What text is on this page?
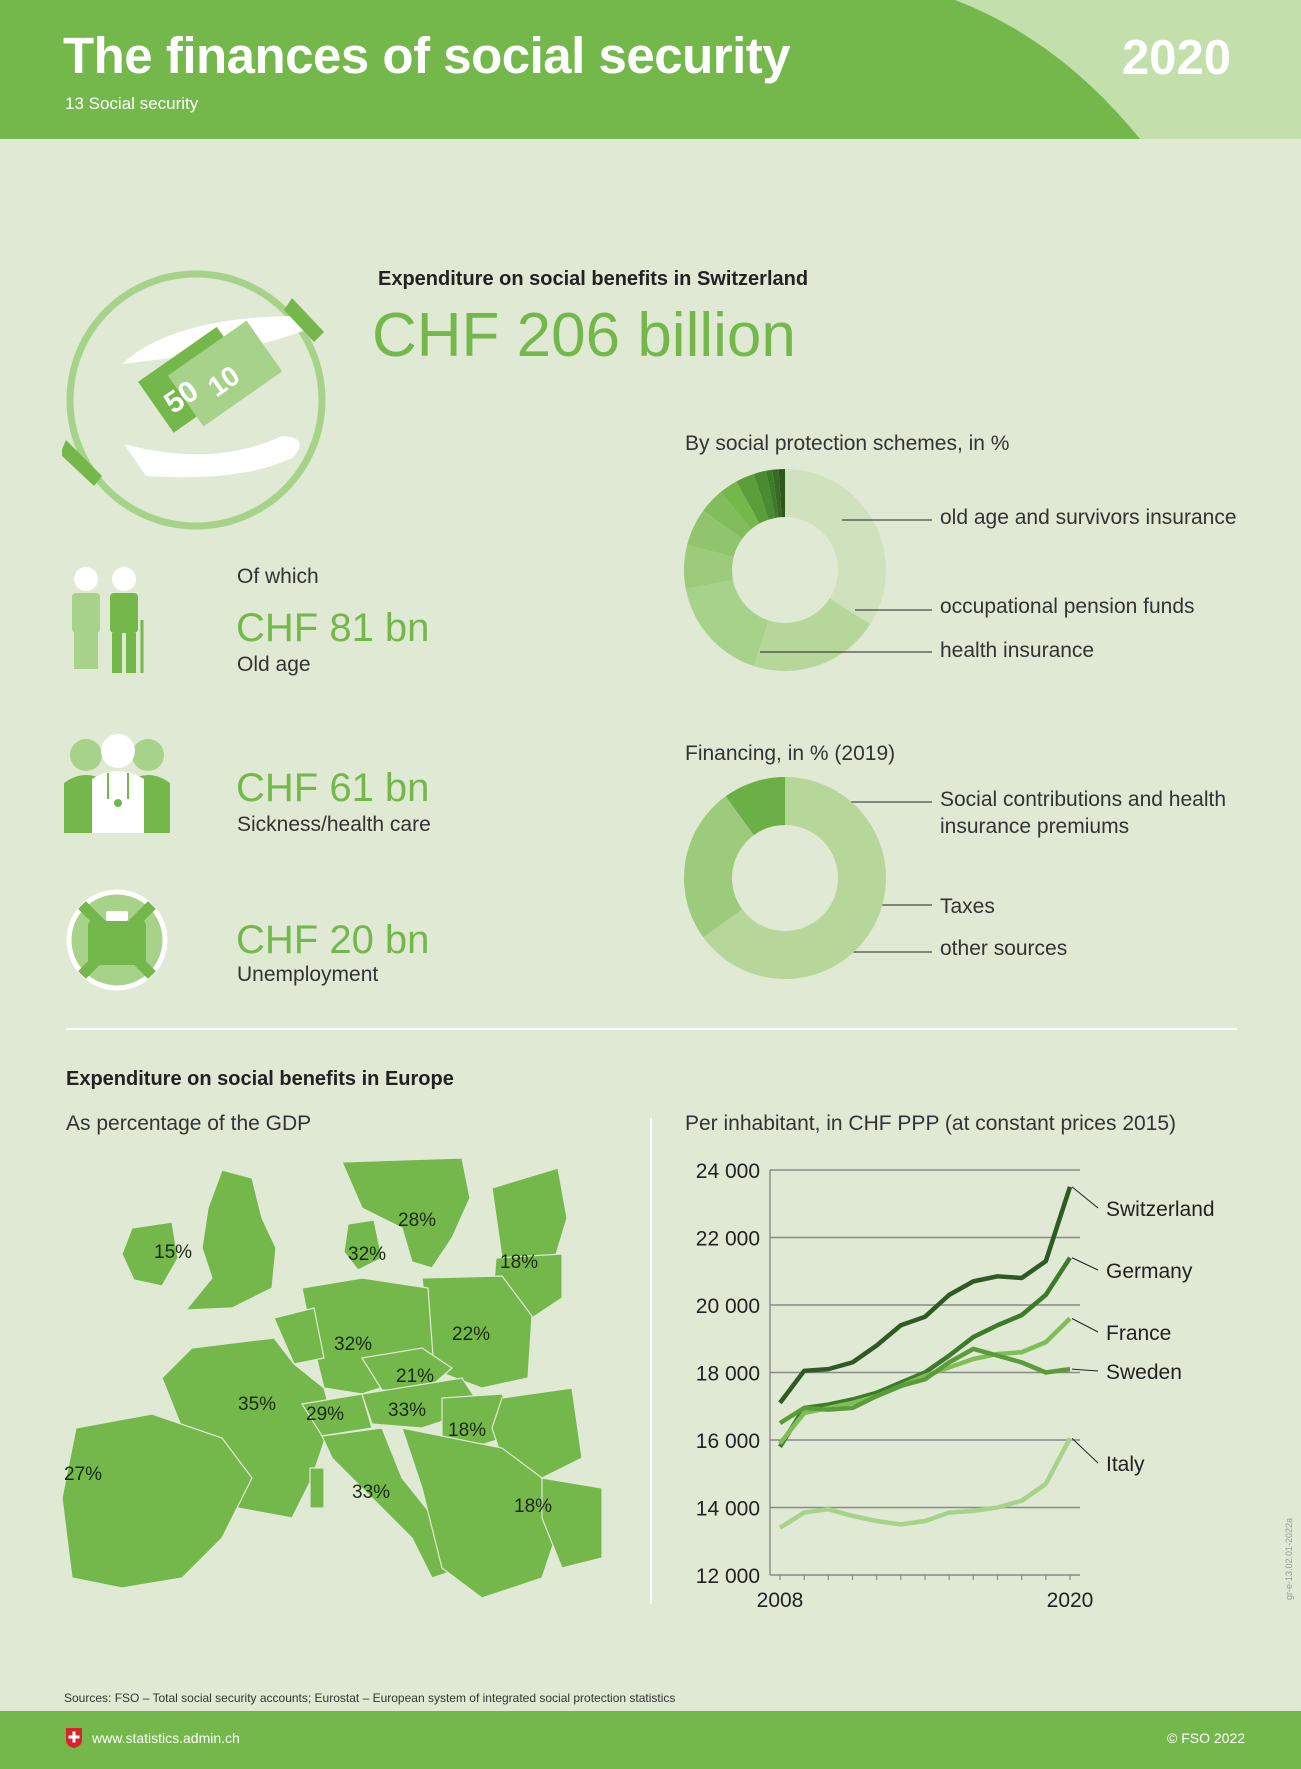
The finances of social security
13 Social security
2020
50
10
Expenditure on social benefits in Switzerland
CHF 206 billion
Of which
CHF 81 bn
Old age
CHF 61 bn
Sickness/health care
CHF 20 bn
Unemployment
By social protection schemes, in %
old age and survivors insurance
occupational pension funds
health insurance
Financing, in % (2019)
Social contributions and health insurance premiums
Taxes
other sources
Expenditure on social benefits in Europe
As percentage of the GDP
15%
28%
32%	18%
32%	22%
21%
35% 29% 33%
18%
27%
33%
18%
Per inhabitant, in CHF PPP (at constant prices 2015)
12 000
14 000
16 000
18 000
20 000
22 000
24 000
2008	2020
Switzerland
Germany
France
Sweden
Italy
gr-e-13.02.01-2022a
Sources: FSO – Total social security accounts; Eurostat – European system of integrated social protection statistics
www.statistics.admin.ch	© FSO 2022
